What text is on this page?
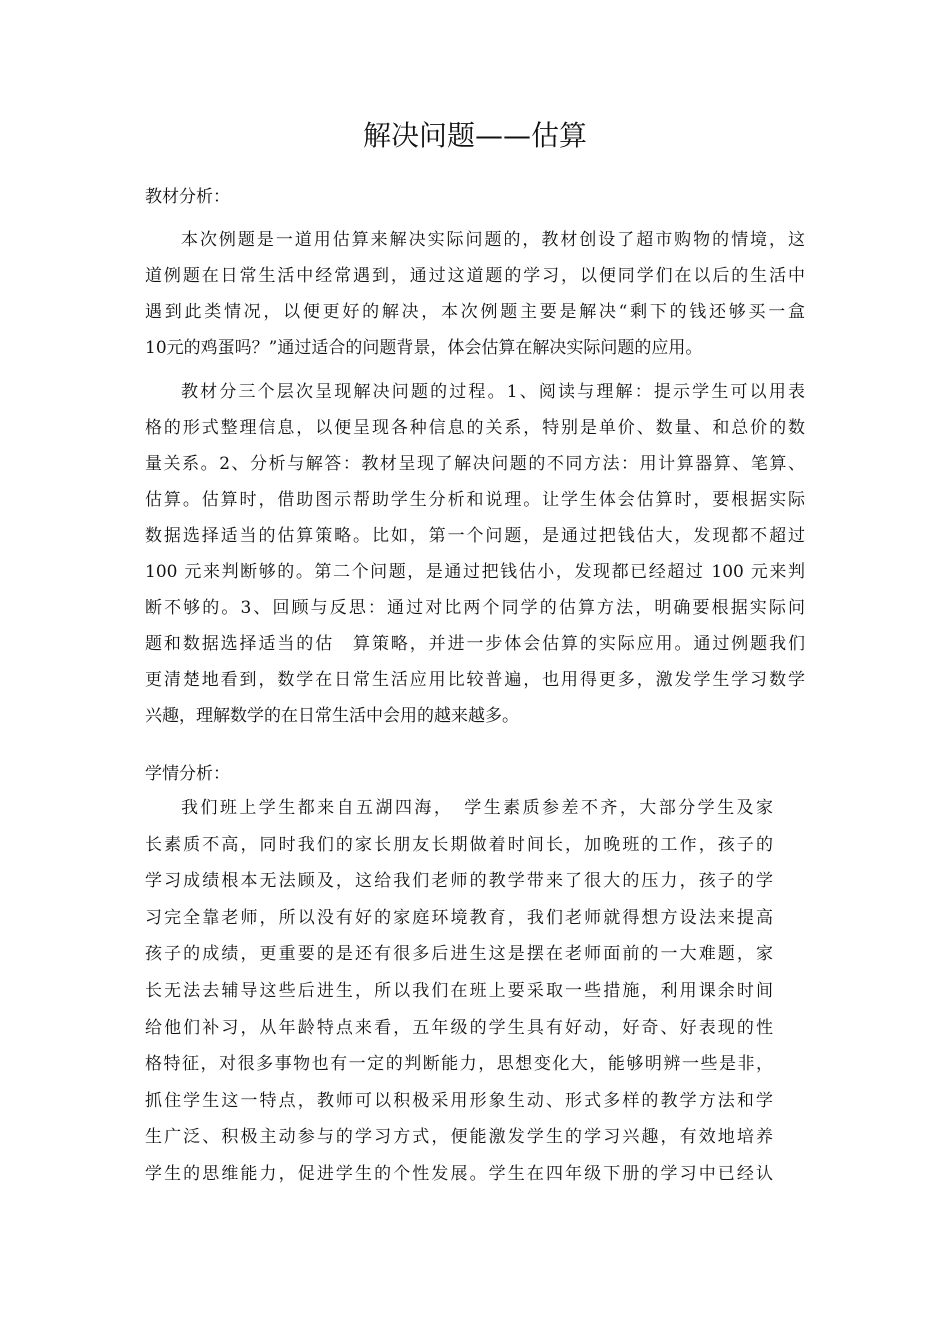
解决问题——估算
教材分析：
本次例题是一道用估算来解决实际问题的，教材创设了超市购物的情境，这
道例题在日常生活中经常遇到，通过这道题的学习，以便同学们在以后的生活中
遇到此类情况，以便更好的解决，本次例题主要是解决“剩下的钱还够买一盒
10元的鸡蛋吗？”通过适合的问题背景，体会估算在解决实际问题的应用。
教材分三个层次呈现解决问题的过程。1、阅读与理解：提示学生可以用表
格的形式整理信息，以便呈现各种信息的关系，特别是单价、数量、和总价的数
量关系。2、分析与解答：教材呈现了解决问题的不同方法：用计算器算、笔算、
估算。估算时，借助图示帮助学生分析和说理。让学生体会估算时，要根据实际
数据选择适当的估算策略。比如，第一个问题，是通过把钱估大，发现都不超过
100 元来判断够的。第二个问题，是通过把钱估小，发现都已经超过 100 元来判
断不够的。3、回顾与反思：通过对比两个同学的估算方法，明确要根据实际问
题和数据选择适当的估　算策略，并进一步体会估算的实际应用。通过例题我们
更清楚地看到，数学在日常生活应用比较普遍，也用得更多，激发学生学习数学
兴趣，理解数学的在日常生活中会用的越来越多。
学情分析：
我们班上学生都来自五湖四海，　学生素质参差不齐，大部分学生及家
长素质不高，同时我们的家长朋友长期做着时间长，加晚班的工作，孩子的
学习成绩根本无法顾及，这给我们老师的教学带来了很大的压力，孩子的学
习完全靠老师，所以没有好的家庭环境教育，我们老师就得想方设法来提高
孩子的成绩，更重要的是还有很多后进生这是摆在老师面前的一大难题，家
长无法去辅导这些后进生，所以我们在班上要采取一些措施，利用课余时间
给他们补习，从年龄特点来看，五年级的学生具有好动，好奇、好表现的性
格特征，对很多事物也有一定的判断能力，思想变化大，能够明辨一些是非，
抓住学生这一特点，教师可以积极采用形象生动、形式多样的教学方法和学
生广泛、积极主动参与的学习方式，便能激发学生的学习兴趣，有效地培养
学生的思维能力，促进学生的个性发展。学生在四年级下册的学习中已经认
